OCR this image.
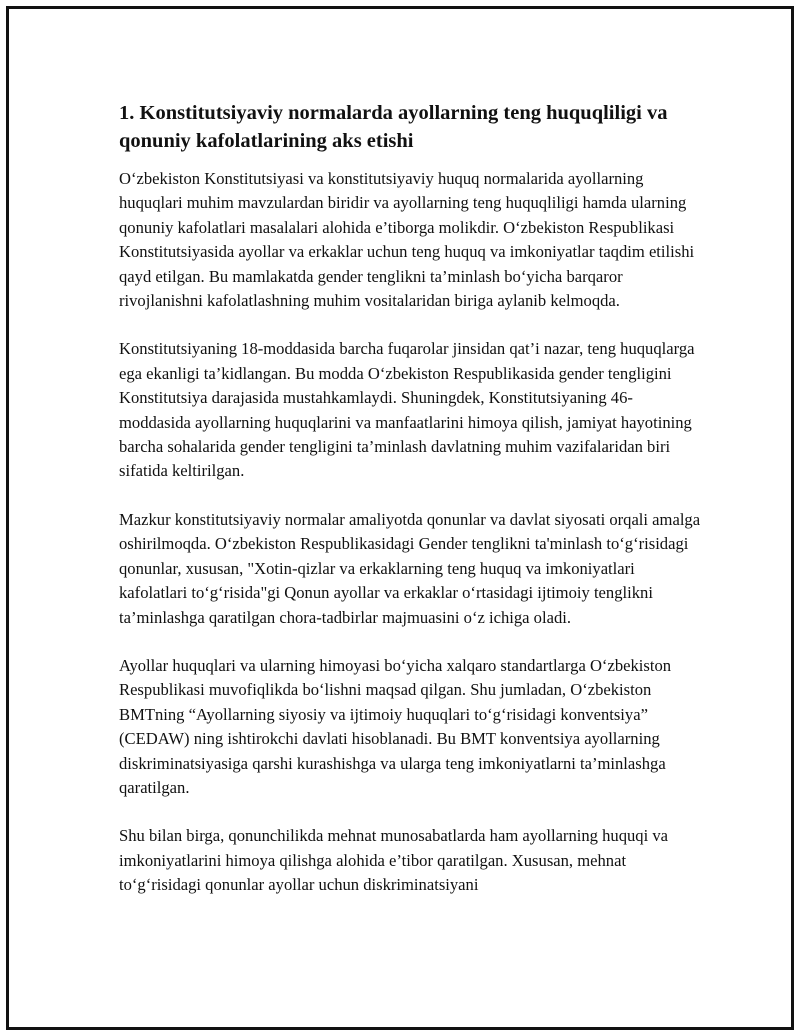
1. Konstitutsiyaviy normalarda ayollarning teng huquqliligi va qonuniy kafolatlarining aks etishi

O‘zbekiston Konstitutsiyasi va konstitutsiyaviy huquq normalarida ayollarning huquqlari muhim mavzulardan biridir va ayollarning teng huquqliligi hamda ularning qonuniy kafolatlari masalalari alohida e’tiborga molikdir. O‘zbekiston Respublikasi Konstitutsiyasida ayollar va erkaklar uchun teng huquq va imkoniyatlar taqdim etilishi qayd etilgan. Bu mamlakatda gender tenglikni ta’minlash bo‘yicha barqaror rivojlanishni kafolatlashning muhim vositalaridan biriga aylanib kelmoqda.

Konstitutsiyaning 18-moddasida barcha fuqarolar jinsidan qat’i nazar, teng huquqlarga ega ekanligi ta’kidlangan. Bu modda O‘zbekiston Respublikasida gender tengligini Konstitutsiya darajasida mustahkamlaydi. Shuningdek, Konstitutsiyaning 46-moddasida ayollarning huquqlarini va manfaatlarini himoya qilish, jamiyat hayotining barcha sohalarida gender tengligini ta’minlash davlatning muhim vazifalaridan biri sifatida keltirilgan.

Mazkur konstitutsiyaviy normalar amaliyotda qonunlar va davlat siyosati orqali amalga oshirilmoqda. O‘zbekiston Respublikasidagi Gender tenglikni ta'minlash to‘g‘risidagi qonunlar, xususan, "Xotin-qizlar va erkaklarning teng huquq va imkoniyatlari kafolatlari to‘g‘risida"gi Qonun ayollar va erkaklar o‘rtasidagi ijtimoiy tenglikni ta’minlashga qaratilgan chora-tadbirlar majmuasini o‘z ichiga oladi.

Ayollar huquqlari va ularning himoyasi bo‘yicha xalqaro standartlarga O‘zbekiston Respublikasi muvofiqlikda bo‘lishni maqsad qilgan. Shu jumladan, O‘zbekiston BMTning “Ayollarning siyosiy va ijtimoiy huquqlari to‘g‘risidagi konventsiya” (CEDAW) ning ishtirokchi davlati hisoblanadi. Bu BMT konventsiya ayollarning diskriminatsiyasiga qarshi kurashishga va ularga teng imkoniyatlarni ta’minlashga qaratilgan.

Shu bilan birga, qonunchilikda mehnat munosabatlarda ham ayollarning huquqi va imkoniyatlarini himoya qilishga alohida e’tibor qaratilgan. Xususan, mehnat to‘g‘risidagi qonunlar ayollar uchun diskriminatsiyani
